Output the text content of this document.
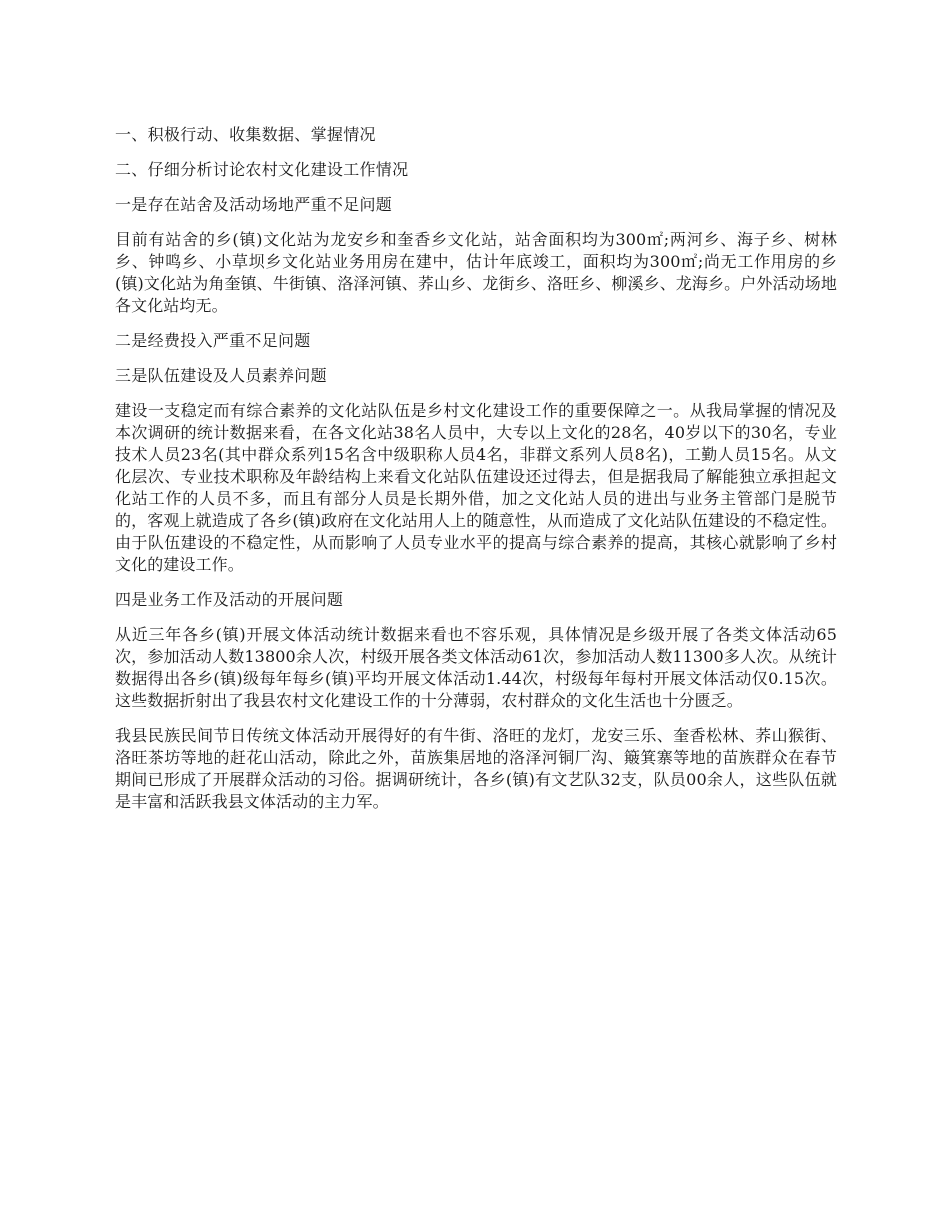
一、积极行动、收集数据、掌握情况

二、仔细分析讨论农村文化建设工作情况

一是存在站舍及活动场地严重不足问题

目前有站舍的乡(镇)文化站为龙安乡和奎香乡文化站，站舍面积均为300㎡;两河乡、海子乡、树林乡、钟鸣乡、小草坝乡文化站业务用房在建中，估计年底竣工，面积均为300㎡;尚无工作用房的乡(镇)文化站为角奎镇、牛街镇、洛泽河镇、荞山乡、龙街乡、洛旺乡、柳溪乡、龙海乡。户外活动场地各文化站均无。

二是经费投入严重不足问题

三是队伍建设及人员素养问题

建设一支稳定而有综合素养的文化站队伍是乡村文化建设工作的重要保障之一。从我局掌握的情况及本次调研的统计数据来看，在各文化站38名人员中，大专以上文化的28名，40岁以下的30名，专业技术人员23名(其中群众系列15名含中级职称人员4名，非群文系列人员8名)，工勤人员15名。从文化层次、专业技术职称及年龄结构上来看文化站队伍建设还过得去，但是据我局了解能独立承担起文化站工作的人员不多，而且有部分人员是长期外借，加之文化站人员的进出与业务主管部门是脱节的，客观上就造成了各乡(镇)政府在文化站用人上的随意性，从而造成了文化站队伍建设的不稳定性。由于队伍建设的不稳定性，从而影响了人员专业水平的提高与综合素养的提高，其核心就影响了乡村文化的建设工作。

四是业务工作及活动的开展问题

从近三年各乡(镇)开展文体活动统计数据来看也不容乐观，具体情况是乡级开展了各类文体活动65次，参加活动人数13800余人次，村级开展各类文体活动61次，参加活动人数11300多人次。从统计数据得出各乡(镇)级每年每乡(镇)平均开展文体活动1.44次，村级每年每村开展文体活动仅0.15次。这些数据折射出了我县农村文化建设工作的十分薄弱，农村群众的文化生活也十分匮乏。

我县民族民间节日传统文体活动开展得好的有牛街、洛旺的龙灯，龙安三乐、奎香松林、荞山猴街、洛旺茶坊等地的赶花山活动，除此之外，苗族集居地的洛泽河铜厂沟、簸箕寨等地的苗族群众在春节期间已形成了开展群众活动的习俗。据调研统计，各乡(镇)有文艺队32支，队员00余人，这些队伍就是丰富和活跃我县文体活动的主力军。
